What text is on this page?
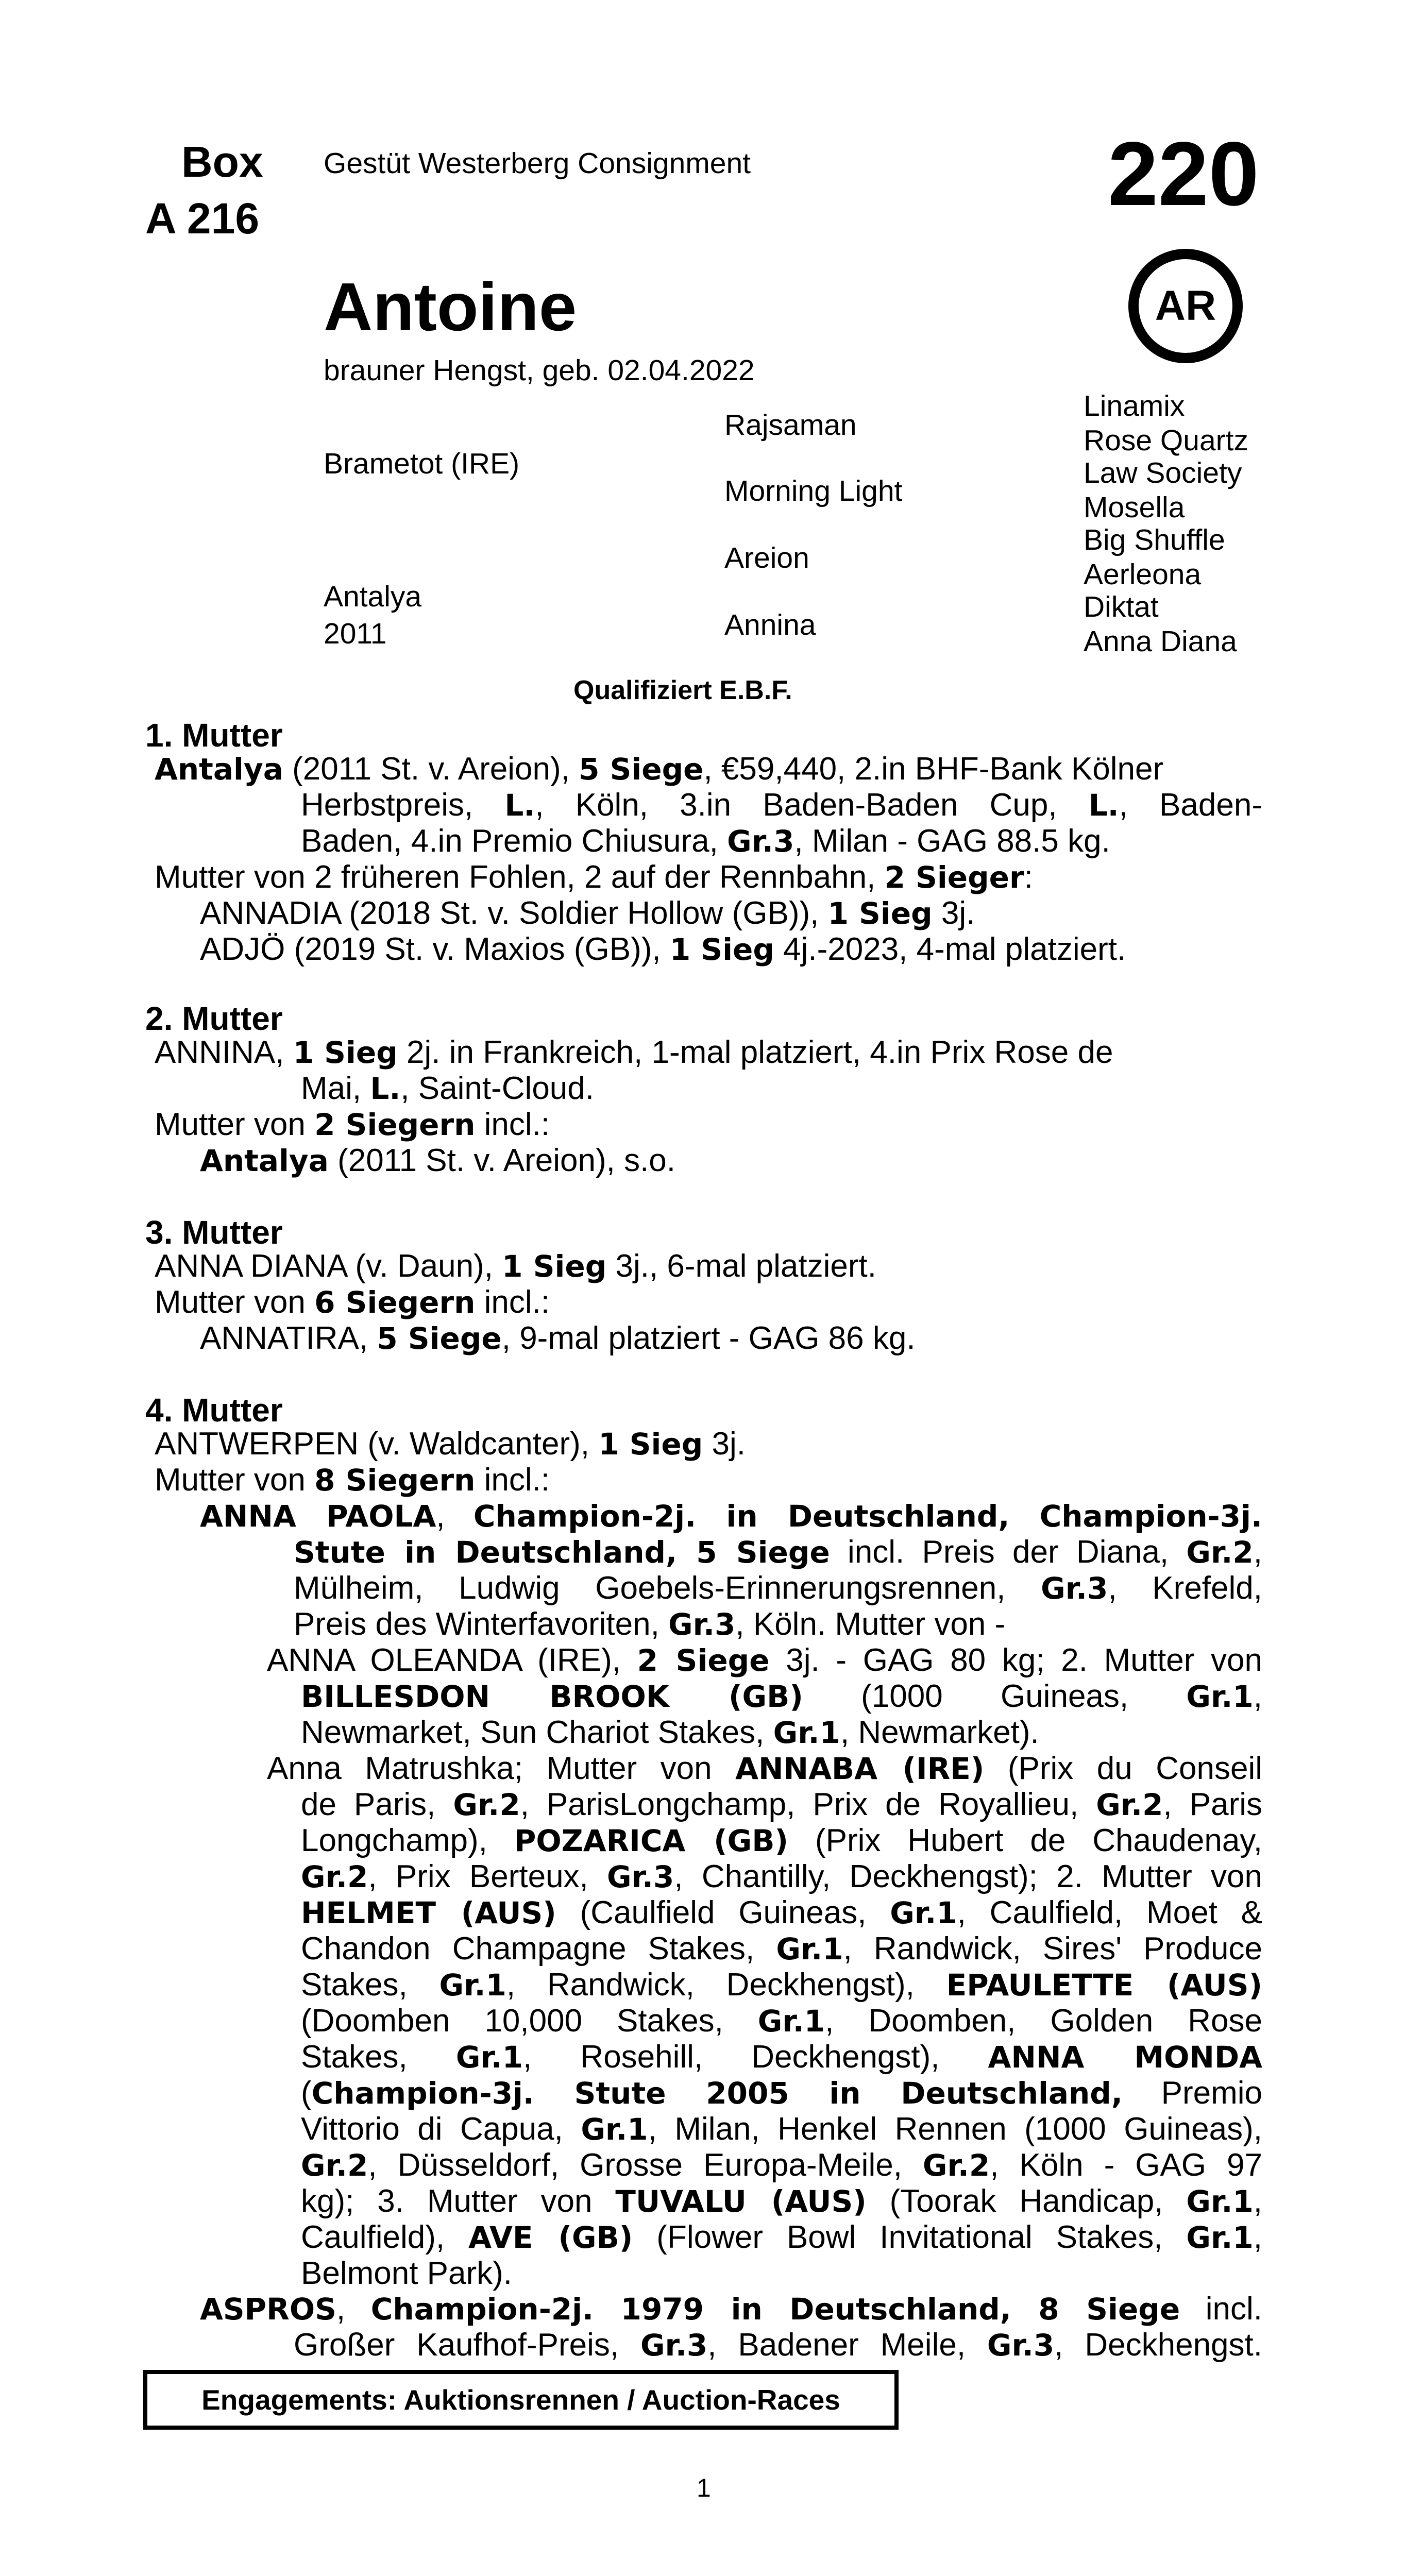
Box
A 216
Gestüt Westerberg Consignment	220
AR
Antoine
brauner Hengst, geb. 02.04.2022
Brametot (IRE)
Antalya
2011
Rajsaman
Morning Light
Areion
Annina
Linamix
Rose Quartz
Law Society
Mosella
Big Shuffle
Aerleona
Diktat
Anna Diana
Qualifiziert E.B.F.
1. Mutter
Antalya (2011 St. v. Areion), 5 Siege, €59,440, 2.in BHF-Bank Kölner
Herbstpreis, L., Köln, 3.in Baden-Baden Cup, L., Baden-
Baden, 4.in Premio Chiusura, Gr.3, Milan - GAG 88.5 kg.
Mutter von 2 früheren Fohlen, 2 auf der Rennbahn, 2 Sieger:
ANNADIA (2018 St. v. Soldier Hollow (GB)), 1 Sieg 3j.
ADJÖ (2019 St. v. Maxios (GB)), 1 Sieg 4j.-2023, 4-mal platziert.
2. Mutter
ANNINA, 1 Sieg 2j. in Frankreich, 1-mal platziert, 4.in Prix Rose de
Mai, L., Saint-Cloud.
Mutter von 2 Siegern incl.:
Antalya (2011 St. v. Areion), s.o.
3. Mutter
ANNA DIANA (v. Daun), 1 Sieg 3j., 6-mal platziert.
Mutter von 6 Siegern incl.:
ANNATIRA, 5 Siege, 9-mal platziert - GAG 86 kg.
4. Mutter
ANTWERPEN (v. Waldcanter), 1 Sieg 3j.
Mutter von 8 Siegern incl.:
ANNA PAOLA, Champion-2j. in Deutschland, Champion-3j.
Stute in Deutschland, 5 Siege incl. Preis der Diana, Gr.2,
Mülheim, Ludwig Goebels-Erinnerungsrennen, Gr.3, Krefeld,
Preis des Winterfavoriten, Gr.3, Köln. Mutter von -
ANNA OLEANDA (IRE), 2 Siege 3j. - GAG 80 kg; 2. Mutter von
BILLESDON BROOK (GB) (1000 Guineas, Gr.1,
Newmarket, Sun Chariot Stakes, Gr.1, Newmarket).
Anna Matrushka; Mutter von ANNABA (IRE) (Prix du Conseil
de Paris, Gr.2, ParisLongchamp, Prix de Royallieu, Gr.2, Paris
Longchamp), POZARICA (GB) (Prix Hubert de Chaudenay,
Gr.2, Prix Berteux, Gr.3, Chantilly, Deckhengst); 2. Mutter von
HELMET (AUS) (Caulfield Guineas, Gr.1, Caulfield, Moet &
Chandon Champagne Stakes, Gr.1, Randwick, Sires' Produce
Stakes, Gr.1, Randwick, Deckhengst), EPAULETTE (AUS)
(Doomben 10,000 Stakes, Gr.1, Doomben, Golden Rose
Stakes, Gr.1, Rosehill, Deckhengst), ANNA MONDA
(Champion-3j. Stute 2005 in Deutschland, Premio
Vittorio di Capua, Gr.1, Milan, Henkel Rennen (1000 Guineas),
Gr.2, Düsseldorf, Grosse Europa-Meile, Gr.2, Köln - GAG 97
kg); 3. Mutter von TUVALU (AUS) (Toorak Handicap, Gr.1,
Caulfield), AVE (GB) (Flower Bowl Invitational Stakes, Gr.1,
Belmont Park).
ASPROS, Champion-2j. 1979 in Deutschland, 8 Siege incl.
Großer Kaufhof-Preis, Gr.3, Badener Meile, Gr.3, Deckhengst.
Engagements: Auktionsrennen / Auction-Races
1
